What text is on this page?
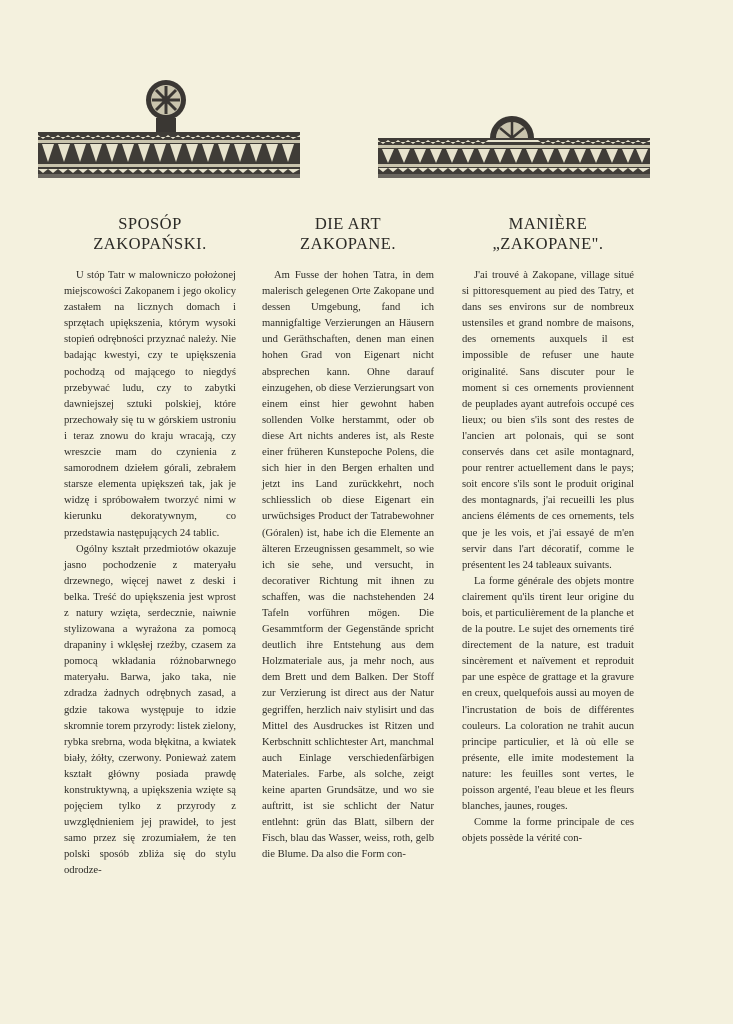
SPOSÓP
ZAKOPAŃSKI.
U stóp Tatr w malowniczo położonej miejscowości Zakopanem i jego okolicy zastałem na licznych domach i sprzętach upiększenia, którym wysoki stopień odrębności przyznać należy. Nie badając kwestyi, czy te upiększenia pochodzą od mającego to niegdyś przebywać ludu, czy to zabytki dawniejszej sztuki polskiej, które przechowały się tu w górskiem ustroniu i teraz znowu do kraju wracają, czy wreszcie mam do czynienia z samorodnem dziełem górali, zebrałem starsze elementa upiększeń tak, jak je widzę i spróbowałem tworzyć nimi w kierunku dekoratywnym, co przedstawia następujących 24 tablic.
Ogólny kształt przedmiotów okazuje jasno pochodzenie z materyału drzewnego, więcej nawet z deski i belka. Treść do upiększenia jest wprost z natury wzięta, serdecznie, naiwnie stylizowana a wyrażona za pomocą drapaniny i wklęsłej rzeźby, czasem za pomocą wkładania różnobarwnego materyału. Barwa, jako taka, nie zdradza żadnych odrębnych zasad, a gdzie takowa występuje to idzie skromnie torem przyrody: listek zielony, rybka srebrna, woda błękitna, a kwiatek biały, żółty, czerwony. Ponieważ zatem kształt główny posiada prawdę konstruktywną, a upiększenia wzięte są pojęciem tylko z przyrody z uwzględnieniem jej prawideł, to jest samo przez się zrozumiałem, że ten polski sposób zbliża się do stylu odrodze-
DIE ART
ZAKOPANE.
Am Fusse der hohen Tatra, in dem malerisch gelegenen Orte Zakopane und dessen Umgebung, fand ich mannigfaltige Verzierungen an Häusern und Geräthschaften, denen man einen hohen Grad von Eigenart nicht absprechen kann. Ohne darauf einzugehen, ob diese Verzierungsart von einem einst hier gewohnt haben sollenden Volke herstammt, oder ob diese Art nichts anderes ist, als Reste einer früheren Kunstepoche Polens, die sich hier in den Bergen erhalten und jetzt ins Land zurückkehrt, noch schliesslich ob diese Eigenart ein urwüchsiges Product der Tatrabewohner (Góralen) ist, habe ich die Elemente an älteren Erzeugnissen gesammelt, so wie ich sie sehe, und versucht, in decorativer Richtung mit ihnen zu schaffen, was die nachstehenden 24 Tafeln vorführen mögen. Die Gesammtform der Gegenstände spricht deutlich ihre Entstehung aus dem Holzmateriale aus, ja mehr noch, aus dem Brett und dem Balken. Der Stoff zur Verzierung ist direct aus der Natur gegriffen, herzlich naiv stylisirt und das Mittel des Ausdruckes ist Ritzen und Kerbschnitt schlichtester Art, manchmal auch Einlage verschiedenfärbigen Materiales. Farbe, als solche, zeigt keine aparten Grundsätze, und wo sie auftritt, ist sie schlicht der Natur entlehnt: grün das Blatt, silbern der Fisch, blau das Wasser, weiss, roth, gelb die Blume. Da also die Form con-
MANIÈRE
„ZAKOPANE".
J'ai trouvé à Zakopane, village situé si pittoresquement au pied des Tatry, et dans ses environs sur de nombreux ustensiles et grand nombre de maisons, des ornements auxquels il est impossible de refuser une haute originalité. Sans discuter pour le moment si ces ornements proviennent de peuplades ayant autrefois occupé ces lieux; ou bien s'ils sont des restes de l'ancien art polonais, qui se sont conservés dans cet asile montagnard, pour rentrer actuellement dans le pays; soit encore s'ils sont le produit original des montagnards, j'ai recueilli les plus anciens éléments de ces ornements, tels que je les vois, et j'ai essayé de m'en servir dans l'art décoratif, comme le présentent les 24 tableaux suivants.
La forme générale des objets montre clairement qu'ils tirent leur origine du bois, et particulièrement de la planche et de la poutre. Le sujet des ornements tiré directement de la nature, est traduit sincèrement et naïvement et reproduit par une espèce de grattage et la gravure en creux, quelquefois aussi au moyen de l'incrustation de bois de différentes couleurs. La coloration ne trahit aucun principe particulier, et là où elle se présente, elle imite modestement la nature: les feuilles sont vertes, le poisson argenté, l'eau bleue et les fleurs blanches, jaunes, rouges.
Comme la forme principale de ces objets possède la vérité con-
